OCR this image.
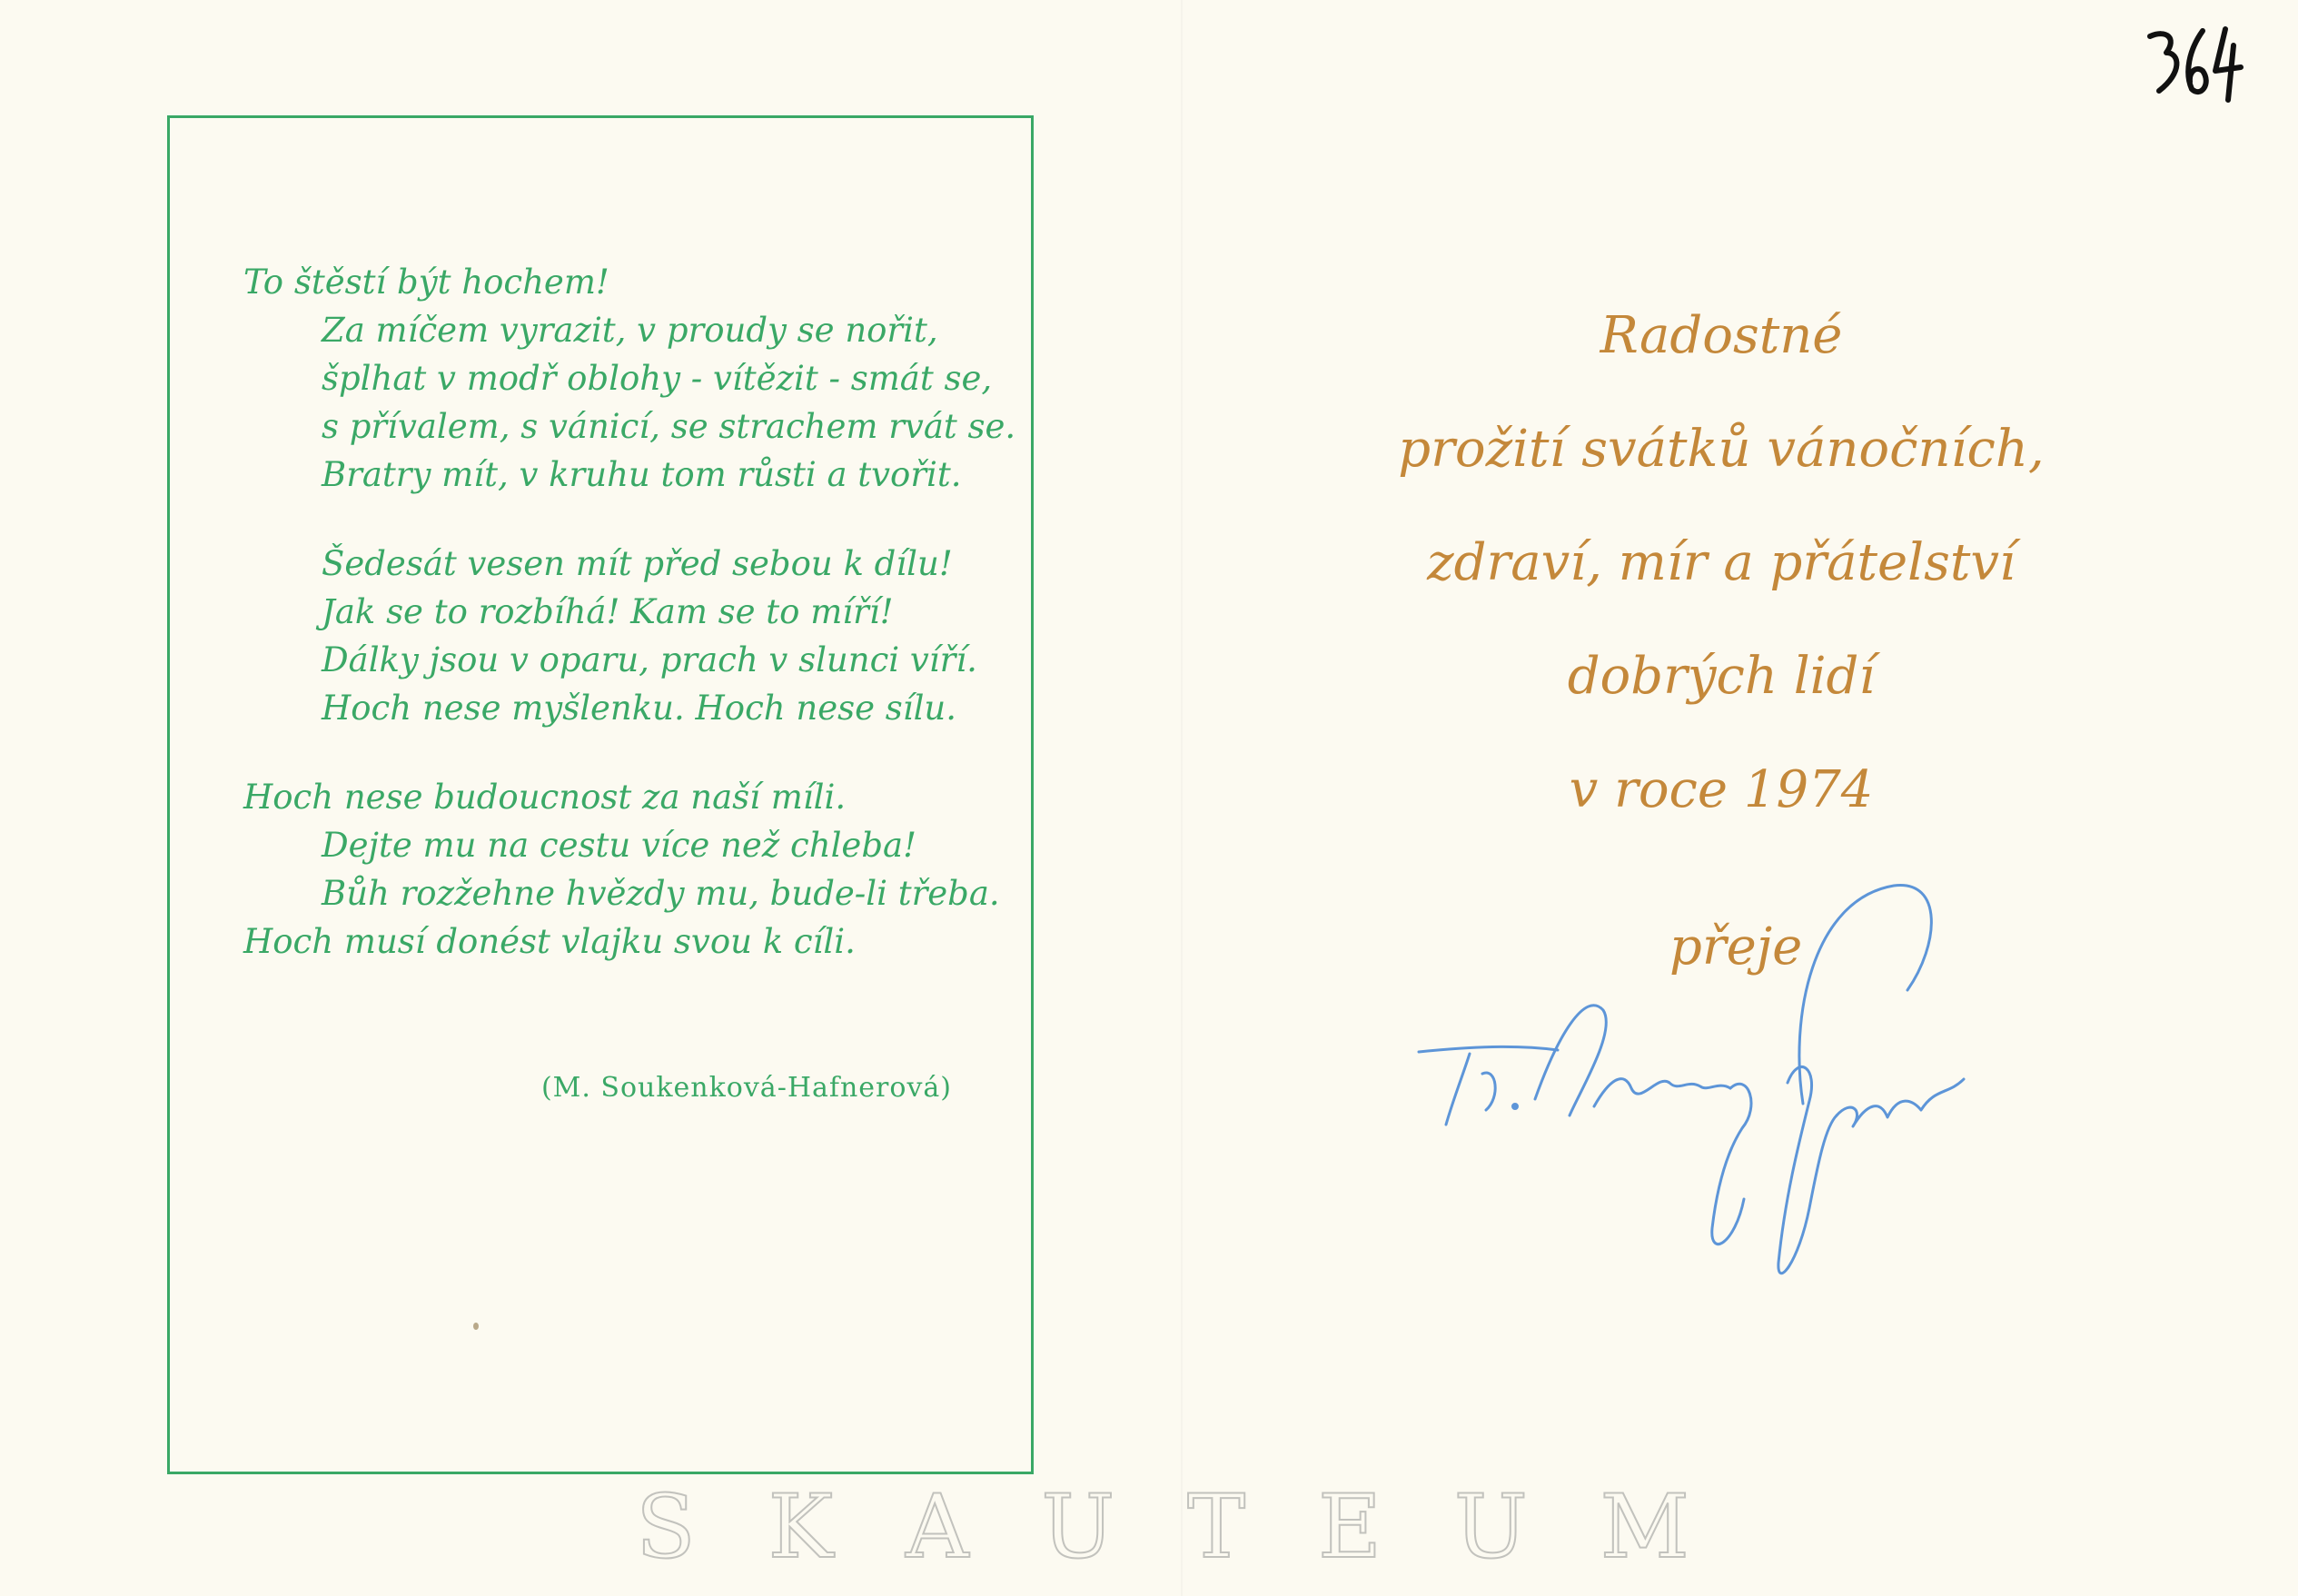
To štěstí být hochem!
Za míčem vyrazit, v proudy se nořit,
šplhat v modř oblohy - vítězit - smát se,
s přívalem, s vánicí, se strachem rvát se.
Bratry mít, v kruhu tom růsti a tvořit.
Šedesát vesen mít před sebou k dílu!
Jak se to rozbíhá! Kam se to míří!
Dálky jsou v oparu, prach v slunci víří.
Hoch nese myšlenku. Hoch nese sílu.
Hoch nese budoucnost za naší míli.
Dejte mu na cestu více než chleba!
Bůh rozžehne hvězdy mu, bude-li třeba.
Hoch musí donést vlajku svou k cíli.
(M. Soukenková-Hafnerová)
Radostné
prožití svátků vánočních,
zdraví, mír a přátelství
dobrých lidí
v roce 1974
přeje
S K A U T E U M
